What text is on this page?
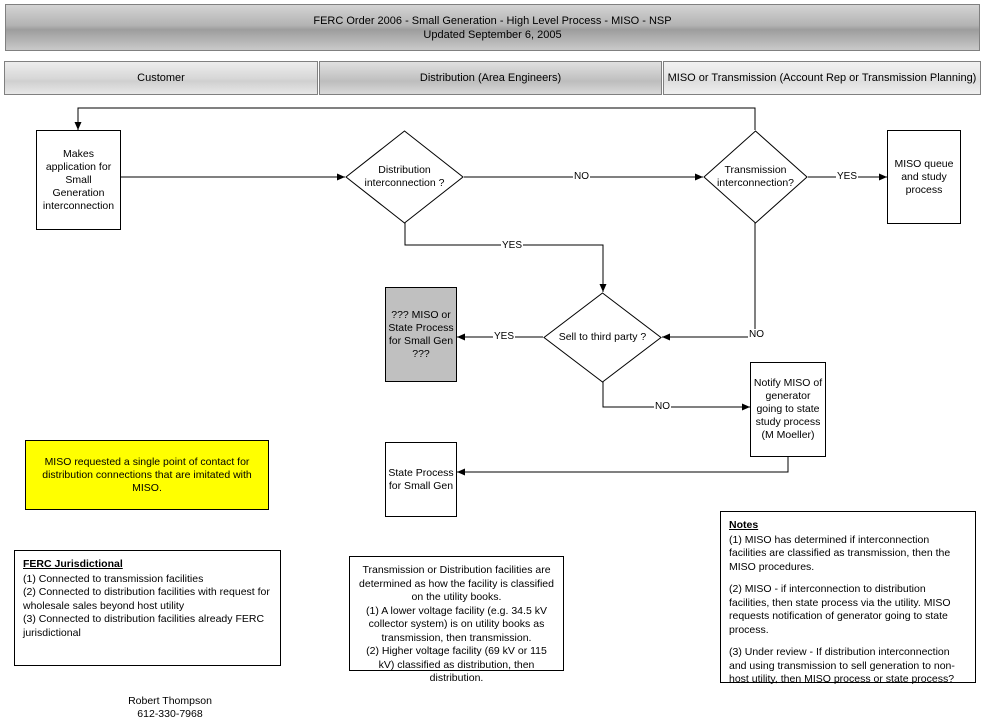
FERC Order 2006 - Small Generation - High Level Process - MISO - NSP
Updated September 6, 2005
Customer	Distribution (Area Engineers)	MISO or Transmission (Account Rep or Transmission Planning)
NO	YES
YES
YES	NO
NO
Makes application for Small Generation interconnection
MISO queue and study process
??? MISO or State Process for Small Gen ???
Notify MISO of generator going to state study process (M Moeller)
State Process for Small Gen
Distribution interconnection ?
Transmission interconnection?
Sell to third party ?
MISO requested a single point of contact for distribution connections that are imitated with MISO.
FERC Jurisdictional

(1) Connected to transmission facilities

(2) Connected to distribution facilities with request for wholesale sales beyond host utility

(3) Connected to distribution facilities already FERC jurisdictional

Transmission or Distribution facilities are determined as how the facility is classified on the utility books.

(1) A lower voltage facility (e.g. 34.5 kV collector system) is on utility books as transmission, then transmission.

(2) Higher voltage facility (69 kV or 115 kV) classified as distribution, then distribution.

Notes

(1) MISO has determined if interconnection facilities are classified as transmission, then the MISO procedures.

(2) MISO - if interconnection to distribution facilities, then state process via the utility. MISO requests notification of generator going to state process.

(3) Under review - If distribution interconnection and using transmission to sell generation to non-host utility, then MISO process or state process?

Robert Thompson
612-330-7968
